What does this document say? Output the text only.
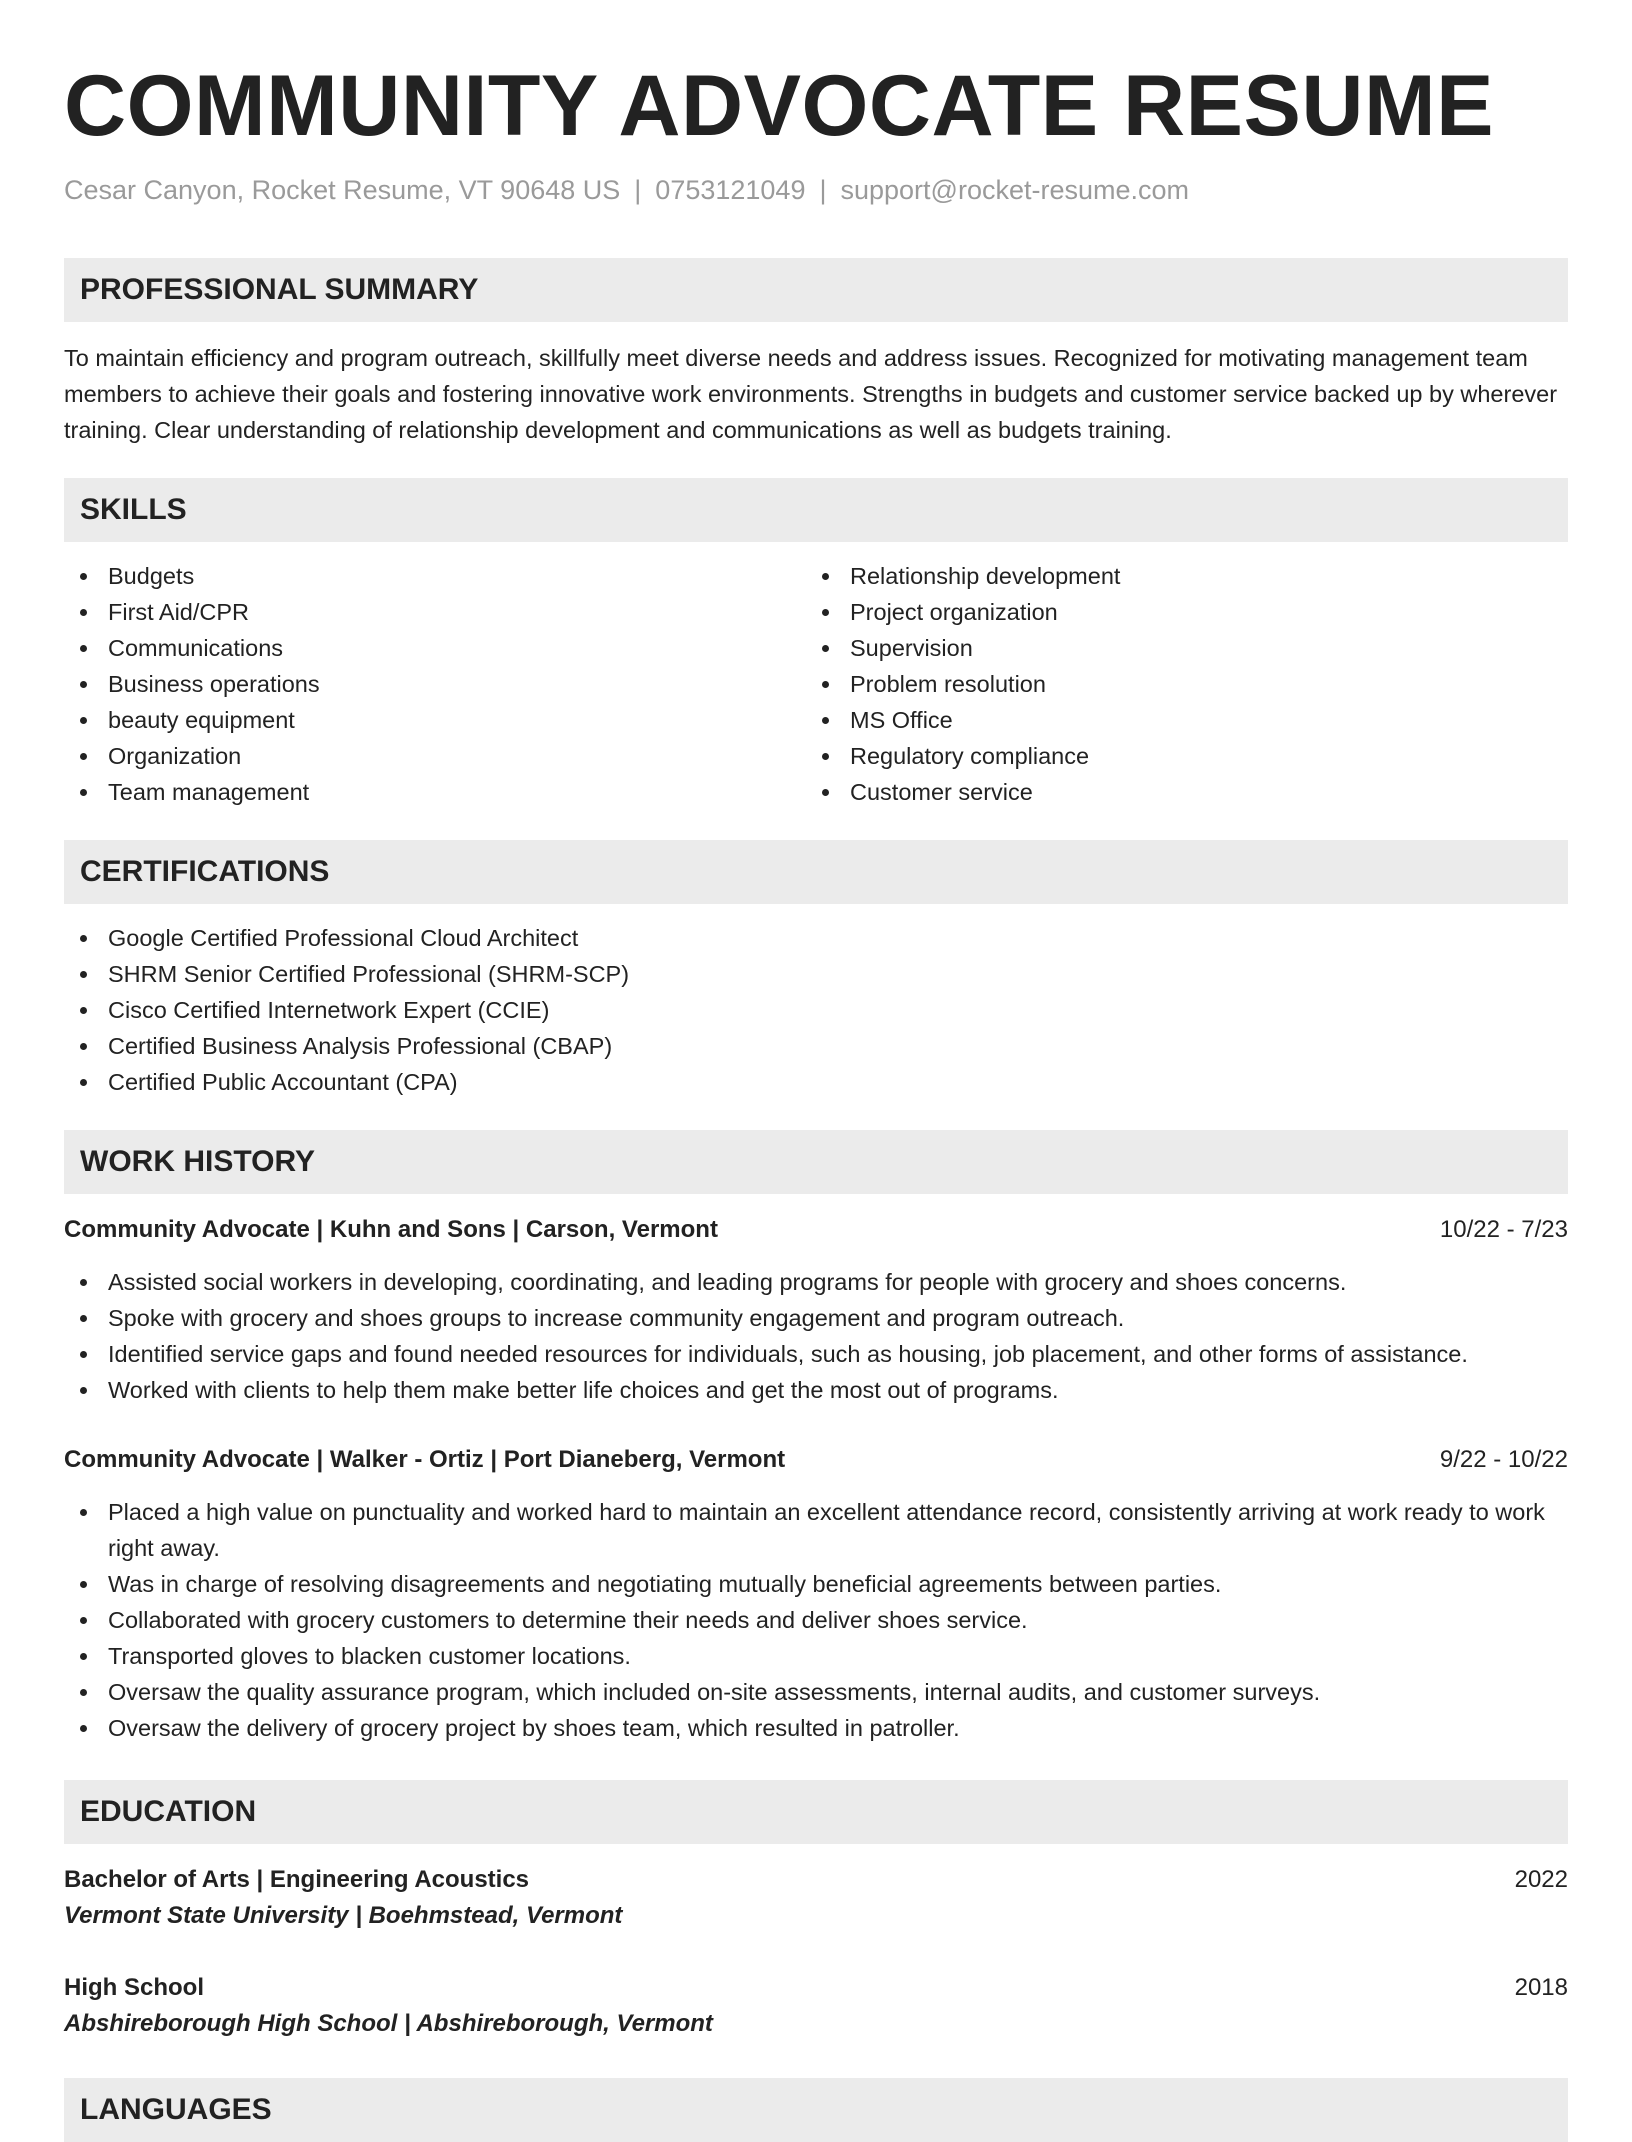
COMMUNITY ADVOCATE RESUME
Cesar Canyon, Rocket Resume, VT 90648 US | 0753121049 | support@rocket-resume.com
PROFESSIONAL SUMMARY

To maintain efficiency and program outreach, skillfully meet diverse needs and address issues. Recognized for motivating management team members to achieve their goals and fostering innovative work environments. Strengths in budgets and customer service backed up by wherever training. Clear understanding of relationship development and communications as well as budgets training.

SKILLS
Budgets
First Aid/CPR
Communications
Business operations
beauty equipment
Organization
Team management
Relationship development
Project organization
Supervision
Problem resolution
MS Office
Regulatory compliance
Customer service
CERTIFICATIONS
Google Certified Professional Cloud Architect
SHRM Senior Certified Professional (SHRM-SCP)
Cisco Certified Internetwork Expert (CCIE)
Certified Business Analysis Professional (CBAP)
Certified Public Accountant (CPA)
WORK HISTORY
Community Advocate | Kuhn and Sons | Carson, Vermont	10/22 - 7/23
Assisted social workers in developing, coordinating, and leading programs for people with grocery and shoes concerns.
Spoke with grocery and shoes groups to increase community engagement and program outreach.
Identified service gaps and found needed resources for individuals, such as housing, job placement, and other forms of assistance.
Worked with clients to help them make better life choices and get the most out of programs.
Community Advocate | Walker - Ortiz | Port Dianeberg, Vermont	9/22 - 10/22
Placed a high value on punctuality and worked hard to maintain an excellent attendance record, consistently arriving at work ready to work right away.
Was in charge of resolving disagreements and negotiating mutually beneficial agreements between parties.
Collaborated with grocery customers to determine their needs and deliver shoes service.
Transported gloves to blacken customer locations.
Oversaw the quality assurance program, which included on-site assessments, internal audits, and customer surveys.
Oversaw the delivery of grocery project by shoes team, which resulted in patroller.
EDUCATION
Bachelor of Arts | Engineering Acoustics	2022
Vermont State University | Boehmstead, Vermont
High School	2018
Abshireborough High School | Abshireborough, Vermont
LANGUAGES
